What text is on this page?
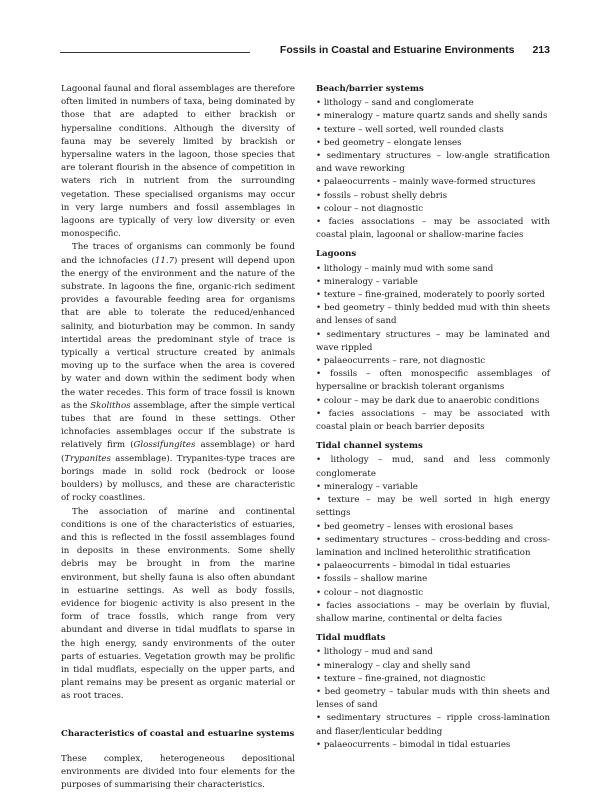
Fossils in Coastal and Estuarine Environments 213

Lagoonal faunal and floral assemblages are therefore often limited in numbers of taxa, being dominated by those that are adapted to either brackish or hypersaline conditions. Although the diversity of fauna may be severely limited by brackish or hypersaline waters in the lagoon, those species that are tolerant flourish in the absence of competition in waters rich in nutrient from the surrounding vegetation. These specialised organisms may occur in very large numbers and fossil assemblages in lagoons are typically of very low diversity or even monospecific.

The traces of organisms can commonly be found and the ichnofacies (11.7) present will depend upon the energy of the environment and the nature of the substrate. In lagoons the fine, organic-rich sediment provides a favourable feeding area for organisms that are able to tolerate the reduced/enhanced salinity, and bioturbation may be common. In sandy intertidal areas the predominant style of trace is typically a vertical structure created by animals moving up to the surface when the area is covered by water and down within the sediment body when the water recedes. This form of trace fossil is known as the Skolithos assemblage, after the simple vertical tubes that are found in these settings. Other ichnofacies assemblages occur if the substrate is relatively firm (Glossifungites assemblage) or hard (Trypanites assemblage). Trypanites-type traces are borings made in solid rock (bedrock or loose boulders) by molluscs, and these are characteristic of rocky coastlines.

The association of marine and continental conditions is one of the characteristics of estuaries, and this is reflected in the fossil assemblages found in deposits in these environments. Some shelly debris may be brought in from the marine environment, but shelly fauna is also often abundant in estuarine settings. As well as body fossils, evidence for biogenic activity is also present in the form of trace fossils, which range from very abundant and diverse in tidal mudflats to sparse in the high energy, sandy environments of the outer parts of estuaries. Vegetation growth may be prolific in tidal mudflats, especially on the upper parts, and plant remains may be present as organic material or as root traces.

Characteristics of coastal and estuarine systems

These complex, heterogeneous depositional environments are divided into four elements for the purposes of summarising their characteristics.

Beach/barrier systems

• lithology – sand and conglomerate
• mineralogy – mature quartz sands and shelly sands
• texture – well sorted, well rounded clasts
• bed geometry – elongate lenses
• sedimentary structures – low-angle stratification and wave reworking
• palaeocurrents – mainly wave-formed structures
• fossils – robust shelly debris
• colour – not diagnostic
• facies associations – may be associated with coastal plain, lagoonal or shallow-marine facies

Lagoons

• lithology – mainly mud with some sand
• mineralogy – variable
• texture – fine-grained, moderately to poorly sorted
• bed geometry – thinly bedded mud with thin sheets and lenses of sand
• sedimentary structures – may be laminated and wave rippled
• palaeocurrents – rare, not diagnostic
• fossils – often monospecific assemblages of hypersaline or brackish tolerant organisms
• colour – may be dark due to anaerobic conditions
• facies associations – may be associated with coastal plain or beach barrier deposits

Tidal channel systems

• lithology – mud, sand and less commonly conglomerate
• mineralogy – variable
• texture – may be well sorted in high energy settings
• bed geometry – lenses with erosional bases
• sedimentary structures – cross-bedding and cross-lamination and inclined heterolithic stratification
• palaeocurrents – bimodal in tidal estuaries
• fossils – shallow marine
• colour – not diagnostic
• facies associations – may be overlain by fluvial, shallow marine, continental or delta facies

Tidal mudflats

• lithology – mud and sand
• mineralogy – clay and shelly sand
• texture – fine-grained, not diagnostic
• bed geometry – tabular muds with thin sheets and lenses of sand
• sedimentary structures – ripple cross-lamination and flaser/lenticular bedding
• palaeocurrents – bimodal in tidal estuaries
